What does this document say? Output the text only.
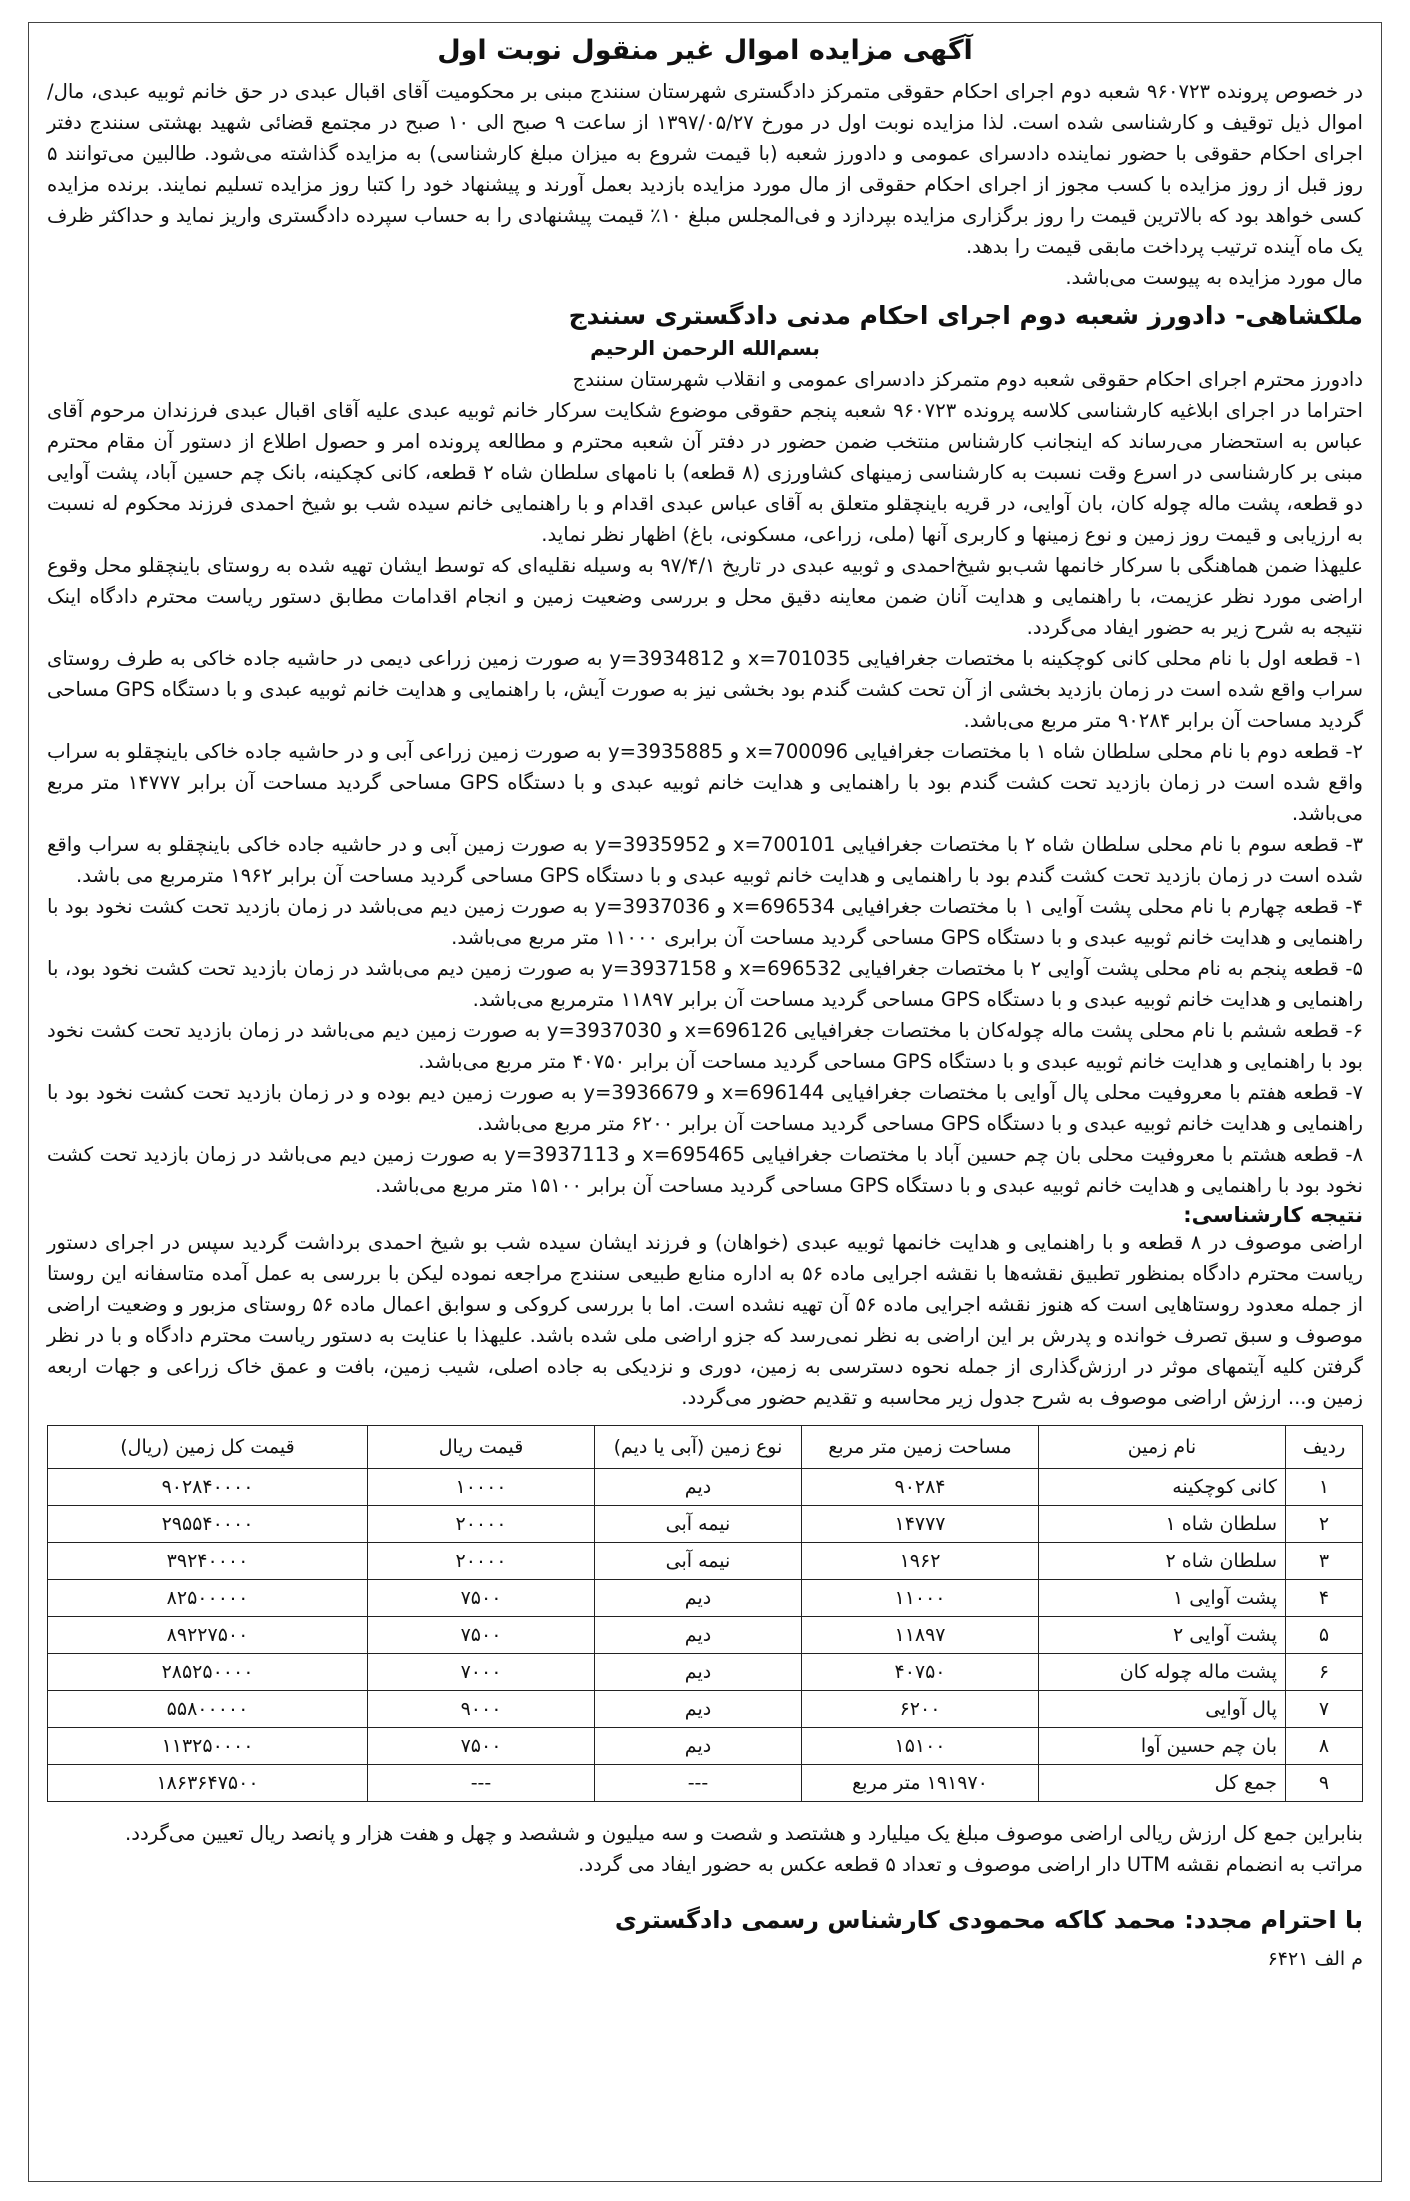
آگهی مزایده اموال غیر منقول نوبت اول

در خصوص پرونده ۹۶۰۷۲۳ شعبه دوم اجرای احکام حقوقی متمرکز دادگستری شهرستان سنندج مبنی بر محکومیت آقای اقبال عبدی در حق خانم ثوبیه عبدی، مال/ اموال ذیل توقیف و کارشناسی شده است. لذا مزایده نوبت اول در مورخ ۱۳۹۷/۰۵/۲۷ از ساعت ۹ صبح الی ۱۰ صبح در مجتمع قضائی شهید بهشتی سنندج دفتر اجرای احکام حقوقی با حضور نماینده دادسرای عمومی و دادورز شعبه (با قیمت شروع به میزان مبلغ کارشناسی) به مزایده گذاشته می‌شود. طالبین می‌توانند ۵ روز قبل از روز مزایده با کسب مجوز از اجرای احکام حقوقی از مال مورد مزایده بازدید بعمل آورند و پیشنهاد خود را کتبا روز مزایده تسلیم نمایند. برنده مزایده کسی خواهد بود که بالاترین قیمت را روز برگزاری مزایده بپردازد و فی‌المجلس مبلغ ۱۰٪ قیمت پیشنهادی را به حساب سپرده دادگستری واریز نماید و حداکثر ظرف یک ماه آینده ترتیب پرداخت مابقی قیمت را بدهد.

مال مورد مزایده به پیوست می‌باشد.

ملکشاهی- دادورز شعبه دوم اجرای احکام مدنی دادگستری سنندج
بسم‌الله الرحمن الرحیم

دادورز محترم اجرای احکام حقوقی شعبه دوم متمرکز دادسرای عمومی و انقلاب شهرستان سنندج

احتراما در اجرای ابلاغیه کارشناسی کلاسه پرونده ۹۶۰۷۲۳ شعبه پنجم حقوقی موضوع شکایت سرکار خانم ثوبیه عبدی علیه آقای اقبال عبدی فرزندان مرحوم آقای عباس به استحضار می‌رساند که اینجانب کارشناس منتخب ضمن حضور در دفتر آن شعبه محترم و مطالعه پرونده امر و حصول اطلاع از دستور آن مقام محترم مبنی بر کارشناسی در اسرع وقت نسبت به کارشناسی زمینهای کشاورزی (۸ قطعه) با نامهای سلطان شاه ۲ قطعه، کانی کچکینه، بانک چم حسین آباد، پشت آوایی دو قطعه، پشت ماله چوله کان، بان آوایی، در قریه باینچقلو متعلق به آقای عباس عبدی اقدام و با راهنمایی خانم سیده شب بو شیخ احمدی فرزند محکوم له نسبت به ارزیابی و قیمت روز زمین و نوع زمینها و کاربری آنها (ملی، زراعی، مسکونی، باغ) اظهار نظر نماید.

علیهذا ضمن هماهنگی با سرکار خانمها شب‌بو شیخ‌احمدی و ثوبیه عبدی در تاریخ ۹۷/۴/۱ به وسیله نقلیه‌ای که توسط ایشان تهیه شده به روستای باینچقلو محل وقوع اراضی مورد نظر عزیمت، با راهنمایی و هدایت آنان ضمن معاینه دقیق محل و بررسی وضعیت زمین و انجام اقدامات مطابق دستور ریاست محترم دادگاه اینک نتیجه به شرح زیر به حضور ایفاد می‌گردد.

۱- قطعه اول با نام محلی کانی کوچکینه با مختصات جغرافیایی x=701035 و y=3934812 به صورت زمین زراعی دیمی در حاشیه جاده خاکی به طرف روستای سراب واقع شده است در زمان بازدید بخشی از آن تحت کشت گندم بود بخشی نیز به صورت آیش، با راهنمایی و هدایت خانم ثوبیه عبدی و با دستگاه GPS مساحی گردید مساحت آن برابر ۹۰۲۸۴ متر مربع می‌باشد.

۲- قطعه دوم با نام محلی سلطان شاه ۱ با مختصات جغرافیایی x=700096 و y=3935885 به صورت زمین زراعی آبی و در حاشیه جاده خاکی باینچقلو به سراب واقع شده است در زمان بازدید تحت کشت گندم بود با راهنمایی و هدایت خانم ثوبیه عبدی و با دستگاه GPS مساحی گردید مساحت آن برابر ۱۴۷۷۷ متر مربع می‌باشد.

۳- قطعه سوم با نام محلی سلطان شاه ۲ با مختصات جغرافیایی x=700101 و y=3935952 به صورت زمین آبی و در حاشیه جاده خاکی باینچقلو به سراب واقع شده است در زمان بازدید تحت کشت گندم بود با راهنمایی و هدایت خانم ثوبیه عبدی و با دستگاه GPS مساحی گردید مساحت آن برابر ۱۹۶۲ مترمربع می باشد.

۴- قطعه چهارم با نام محلی پشت آوایی ۱ با مختصات جغرافیایی x=696534 و y=3937036 به صورت زمین دیم می‌باشد در زمان بازدید تحت کشت نخود بود با راهنمایی و هدایت خانم ثوبیه عبدی و با دستگاه GPS مساحی گردید مساحت آن برابری ۱۱۰۰۰ متر مربع می‌باشد.

۵- قطعه پنجم به نام محلی پشت آوایی ۲ با مختصات جغرافیایی x=696532 و y=3937158 به صورت زمین دیم می‌باشد در زمان بازدید تحت کشت نخود بود، با راهنمایی و هدایت خانم ثوبیه عبدی و با دستگاه GPS مساحی گردید مساحت آن برابر ۱۱۸۹۷ مترمربع می‌باشد.

۶- قطعه ششم با نام محلی پشت ماله چوله‌کان با مختصات جغرافیایی x=696126 و y=3937030 به صورت زمین دیم می‌باشد در زمان بازدید تحت کشت نخود بود با راهنمایی و هدایت خانم ثوبیه عبدی و با دستگاه GPS مساحی گردید مساحت آن برابر ۴۰۷۵۰ متر مربع می‌باشد.

۷- قطعه هفتم با معروفیت محلی پال آوایی با مختصات جغرافیایی x=696144 و y=3936679 به صورت زمین دیم بوده و در زمان بازدید تحت کشت نخود بود با راهنمایی و هدایت خانم ثوبیه عبدی و با دستگاه GPS مساحی گردید مساحت آن برابر ۶۲۰۰ متر مربع می‌باشد.

۸- قطعه هشتم با معروفیت محلی بان چم حسین آباد با مختصات جغرافیایی x=695465 و y=3937113 به صورت زمین دیم می‌باشد در زمان بازدید تحت کشت نخود بود با راهنمایی و هدایت خانم ثوبیه عبدی و با دستگاه GPS مساحی گردید مساحت آن برابر ۱۵۱۰۰ متر مربع می‌باشد.

نتیجه کارشناسی:

اراضی موصوف در ۸ قطعه و با راهنمایی و هدایت خانمها ثوبیه عبدی (خواهان) و فرزند ایشان سیده شب بو شیخ احمدی برداشت گردید سپس در اجرای دستور ریاست محترم دادگاه بمنظور تطبیق نقشه‌ها با نقشه اجرایی ماده ۵۶ به اداره منابع طبیعی سنندج مراجعه نموده لیکن با بررسی به عمل آمده متاسفانه این روستا از جمله معدود روستاهایی است که هنوز نقشه اجرایی ماده ۵۶ آن تهیه نشده است. اما با بررسی کروکی و سوابق اعمال ماده ۵۶ روستای مزبور و وضعیت اراضی موصوف و سبق تصرف خوانده و پدرش بر این اراضی به نظر نمی‌رسد که جزو اراضی ملی شده باشد. علیهذا با عنایت به دستور ریاست محترم دادگاه و با در نظر گرفتن کلیه آیتمهای موثر در ارزش‌گذاری از جمله نحوه دسترسی به زمین، دوری و نزدیکی به جاده اصلی، شیب زمین، بافت و عمق خاک زراعی و جهات اربعه زمین و... ارزش اراضی موصوف به شرح جدول زیر محاسبه و تقدیم حضور می‌گردد.

ردیف	نام زمین	مساحت زمین متر مربع	نوع زمین (آبی یا دیم)	قیمت ریال	قیمت کل زمین (ریال)
۱	کانی کوچکینه	۹۰۲۸۴	دیم	۱۰۰۰۰	۹۰۲۸۴۰۰۰۰
۲	سلطان شاه ۱	۱۴۷۷۷	نیمه آبی	۲۰۰۰۰	۲۹۵۵۴۰۰۰۰
۳	سلطان شاه ۲	۱۹۶۲	نیمه آبی	۲۰۰۰۰	۳۹۲۴۰۰۰۰
۴	پشت آوایی ۱	۱۱۰۰۰	دیم	۷۵۰۰	۸۲۵۰۰۰۰۰
۵	پشت آوایی ۲	۱۱۸۹۷	دیم	۷۵۰۰	۸۹۲۲۷۵۰۰
۶	پشت ماله چوله کان	۴۰۷۵۰	دیم	۷۰۰۰	۲۸۵۲۵۰۰۰۰
۷	پال آوایی	۶۲۰۰	دیم	۹۰۰۰	۵۵۸۰۰۰۰۰
۸	بان چم حسین آوا	۱۵۱۰۰	دیم	۷۵۰۰	۱۱۳۲۵۰۰۰۰
۹	جمع کل	۱۹۱۹۷۰ متر مربع	---	---	۱۸۶۳۶۴۷۵۰۰

بنابراین جمع کل ارزش ریالی اراضی موصوف مبلغ یک میلیارد و هشتصد و شصت و سه میلیون و ششصد و چهل و هفت هزار و پانصد ریال تعیین می‌گردد.

مراتب به انضمام نقشه UTM دار اراضی موصوف و تعداد ۵ قطعه عکس به حضور ایفاد می گردد.

با احترام مجدد: محمد کاکه محمودی کارشناس رسمی دادگستری
م الف ۶۴۲۱
